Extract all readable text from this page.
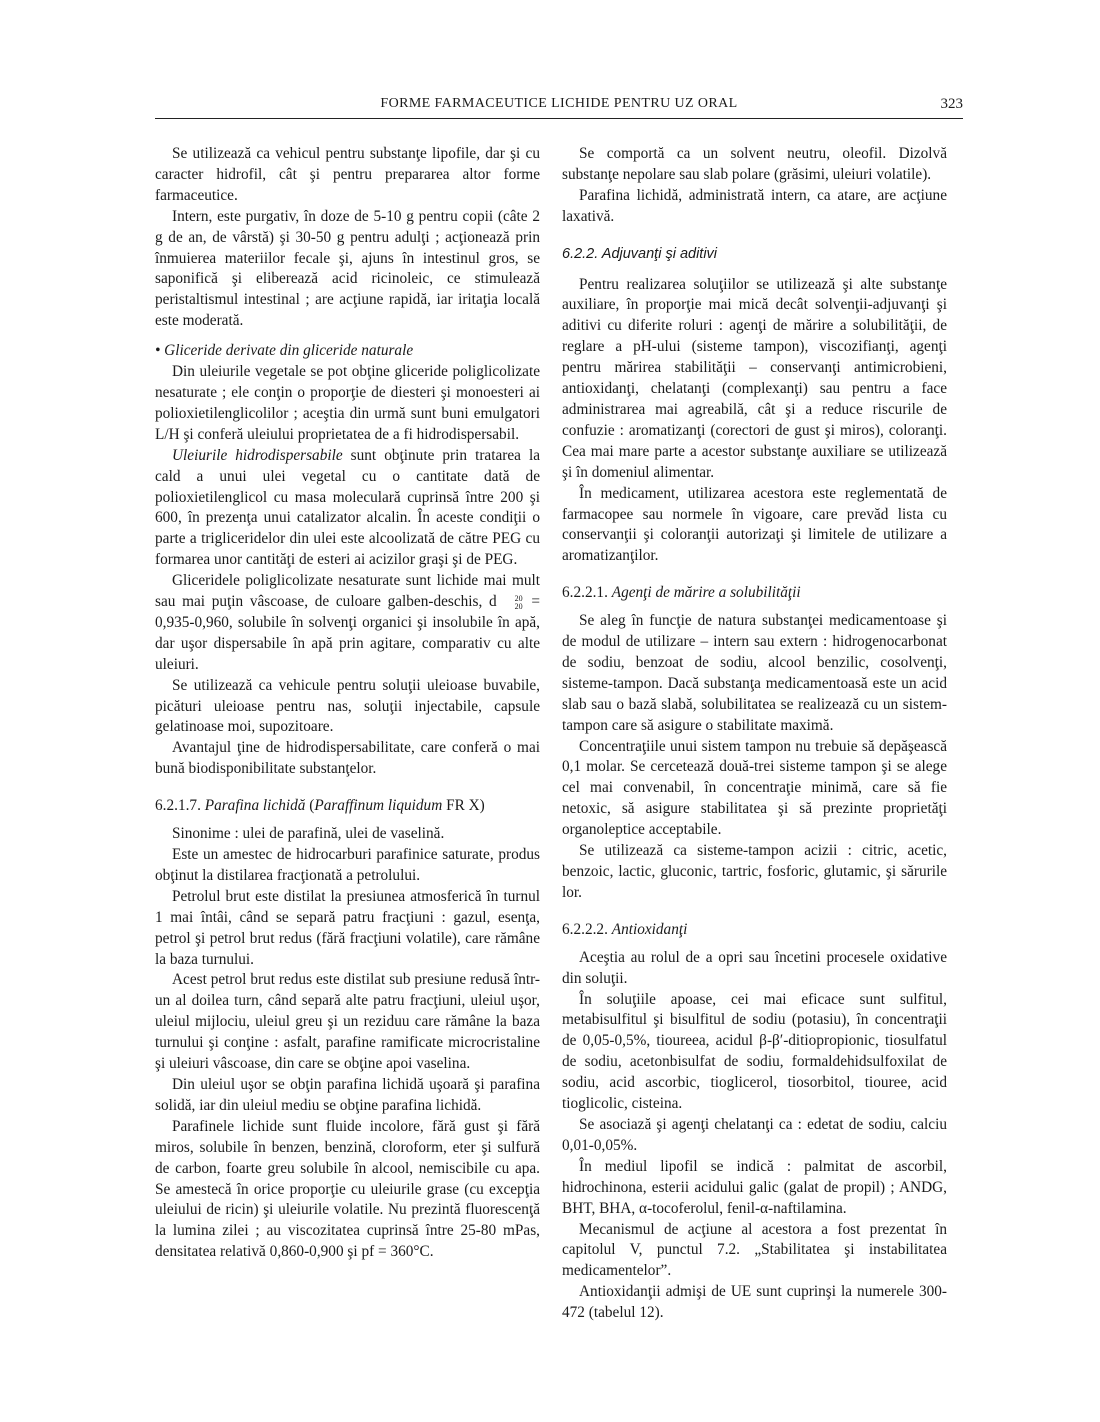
FORME FARMACEUTICE LICHIDE PENTRU UZ ORAL	323

Se utilizează ca vehicul pentru substanţe lipofile, dar şi cu caracter hidrofil, cât şi pentru prepararea altor forme farmaceutice.

Intern, este purgativ, în doze de 5-10 g pentru copii (câte 2 g de an, de vârstă) şi 30-50 g pentru adulţi ; acţionează prin înmuierea materiilor fecale şi, ajuns în intestinul gros, se saponifică şi eliberează acid ricinoleic, ce stimulează peristaltismul intestinal ; are acţiune rapidă, iar iritaţia locală este moderată.

• Gliceride derivate din gliceride naturale

Din uleiurile vegetale se pot obţine gliceride poliglicolizate nesaturate ; ele conţin o proporţie de diesteri şi monoesteri ai polioxietilenglicolilor ; aceştia din urmă sunt buni emulgatori L/H şi conferă uleiului proprietatea de a fi hidrodispersabil.

Uleiurile hidrodispersabile sunt obţinute prin tratarea la cald a unui ulei vegetal cu o cantitate dată de polioxietilenglicol cu masa moleculară cuprinsă între 200 şi 600, în prezenţa unui catalizator alcalin. În aceste condiţii o parte a trigliceridelor din ulei este alcoolizată de către PEG cu formarea unor cantităţi de esteri ai acizilor graşi şi de PEG.

Gliceridele poliglicolizate nesaturate sunt lichide mai mult sau mai puţin vâscoase, de culoare galben-deschis, d	20
20 = 0,935-0,960, solubile în solvenţi organici şi insolubile în apă, dar uşor dispersabile în apă prin agitare, comparativ cu alte uleiuri.

Se utilizează ca vehicule pentru soluţii uleioase buvabile, picături uleioase pentru nas, soluţii injectabile, capsule gelatinoase moi, supozitoare.

Avantajul ţine de hidrodispersabilitate, care conferă o mai bună biodisponibilitate substanţelor.

6.2.1.7. Parafina lichidă (Paraffinum liquidum FR X)

Sinonime : ulei de parafină, ulei de vaselină.

Este un amestec de hidrocarburi parafinice saturate, produs obţinut la distilarea fracţionată a petrolului.

Petrolul brut este distilat la presiunea atmosferică în turnul 1 mai întâi, când se separă patru fracţiuni : gazul, esenţa, petrol şi petrol brut redus (fără fracţiuni volatile), care rămâne la baza turnului.

Acest petrol brut redus este distilat sub presiune redusă într-un al doilea turn, când separă alte patru fracţiuni, uleiul uşor, uleiul mijlociu, uleiul greu şi un reziduu care rămâne la baza turnului şi conţine : asfalt, parafine ramificate microcristaline şi uleiuri vâscoase, din care se obţine apoi vaselina.

Din uleiul uşor se obţin parafina lichidă uşoară şi parafina solidă, iar din uleiul mediu se obţine parafina lichidă.

Parafinele lichide sunt fluide incolore, fără gust şi fără miros, solubile în benzen, benzină, cloroform, eter şi sulfură de carbon, foarte greu solubile în alcool, nemiscibile cu apa. Se amestecă în orice proporţie cu uleiurile grase (cu excepţia uleiului de ricin) şi uleiurile volatile. Nu prezintă fluorescenţă la lumina zilei ; au viscozitatea cuprinsă între 25-80 mPas, densitatea relativă 0,860-0,900 şi pf = 360°C.

Se comportă ca un solvent neutru, oleofil. Dizolvă substanţe nepolare sau slab polare (grăsimi, uleiuri volatile).

Parafina lichidă, administrată intern, ca atare, are acţiune laxativă.

6.2.2. Adjuvanţi şi aditivi

Pentru realizarea soluţiilor se utilizează şi alte substanţe auxiliare, în proporţie mai mică decât solvenţii-adjuvanţi şi aditivi cu diferite roluri : agenţi de mărire a solubilităţii, de reglare a pH-ului (sisteme tampon), viscozifianţi, agenţi pentru mărirea stabilităţii – conservanţi antimicrobieni, antioxidanţi, chelatanţi (complexanţi) sau pentru a face administrarea mai agreabilă, cât şi a reduce riscurile de confuzie : aromatizanţi (corectori de gust şi miros), coloranţi. Cea mai mare parte a acestor substanţe auxiliare se utilizează şi în domeniul alimentar.

În medicament, utilizarea acestora este reglementată de farmacopee sau normele în vigoare, care prevăd lista cu conservanţii şi coloranţii autorizaţi şi limitele de utilizare a aromatizanţilor.

6.2.2.1. Agenţi de mărire a solubilităţii

Se aleg în funcţie de natura substanţei medicamentoase şi de modul de utilizare – intern sau extern : hidrogenocarbonat de sodiu, benzoat de sodiu, alcool benzilic, cosolvenţi, sisteme-tampon. Dacă substanţa medicamentoasă este un acid slab sau o bază slabă, solubilitatea se realizează cu un sistem-tampon care să asigure o stabilitate maximă.

Concentraţiile unui sistem tampon nu trebuie să depăşească 0,1 molar. Se cercetează două-trei sisteme tampon şi se alege cel mai convenabil, în concentraţie minimă, care să fie netoxic, să asigure stabilitatea şi să prezinte proprietăţi organoleptice acceptabile.

Se utilizează ca sisteme-tampon acizii : citric, acetic, benzoic, lactic, gluconic, tartric, fosforic, glutamic, şi sărurile lor.

6.2.2.2. Antioxidanţi

Aceştia au rolul de a opri sau încetini procesele oxidative din soluţii.

În soluţiile apoase, cei mai eficace sunt sulfitul, metabisulfitul şi bisulfitul de sodiu (potasiu), în concentraţii de 0,05-0,5%, tioureea, acidul β-β′-ditiopropionic, tiosulfatul de sodiu, acetonbisulfat de sodiu, formaldehidsulfoxilat de sodiu, acid ascorbic, tioglicerol, tiosorbitol, tiouree, acid tioglicolic, cisteina.

Se asociază şi agenţi chelatanţi ca : edetat de sodiu, calciu 0,01-0,05%.

În mediul lipofil se indică : palmitat de ascorbil, hidrochinona, esterii acidului galic (galat de propil) ; ANDG, BHT, BHA, α-tocoferolul, fenil-α-naftilamina.

Mecanismul de acţiune al acestora a fost prezentat în capitolul V, punctul 7.2. „Stabilitatea şi instabilitatea medicamentelor”.

Antioxidanţii admişi de UE sunt cuprinşi la numerele 300-472 (tabelul 12).
